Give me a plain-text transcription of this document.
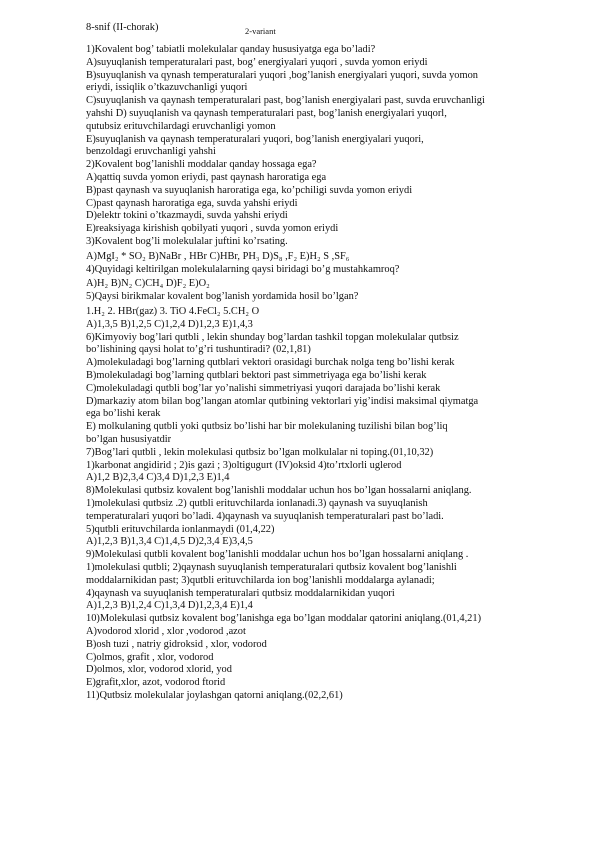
8-snif (II-chorak)	2-variant
1)Kovalent bog’ tabiatli molekulalar qanday hususiyatga ega bo’ladi?
A)suyuqlanish temperaturalari past, bog’ energiyalari yuqori , suvda yomon eriydi
B)suyuqlanish va qynash temperaturalari yuqori ,bog’lanish energiyalari yuqori, suvda yomon
eriydi, issiqlik o’tkazuvchanligi yuqori
C)suyuqlanish va qaynash temperaturalari past, bog’lanish energiyalari past, suvda eruvchanligi
yahshi D) suyuqlanish va qaynash temperaturalari past, bog’lanish energiyalari yuqorl,
qutubsiz erituvchilardagi eruvchanligi yomon
E)suyuqlanish va qaynash temperaturalari yuqori, bog’lanish energiyalari yuqori,
benzoldagi eruvchanligi yahshi
2)Kovalent bog’lanishli moddalar qanday hossaga ega?
A)qattiq suvda yomon eriydi, past qaynash haroratiga ega
B)past qaynash va suyuqlanish haroratiga ega, ko’pchiligi suvda yomon eriydi
C)past qaynash haroratiga ega, suvda yahshi eriydi
D)elektr tokini o’tkazmaydi, suvda yahshi eriydi
E)reaksiyaga kirishish qobilyati yuqori , suvda yomon eriydi
3)Kovalent bog’li molekulalar juftini ko’rsating.
A)MgI₂ * SO₂ B)NaBr , HBr C)HBr, PH₃ D)S₈ ,F₂ E)H₂ S ,SF₆
4)Quyidagi keltirilgan molekulalarning qaysi biridagi bo’g mustahkamroq?
A)H₂ B)N₂ C)CH₄ D)F₂ E)O₂
5)Qaysi birikmalar kovalent bog’lanish yordamida hosil bo’lgan?
1.H₂ 2. HBr(gaz) 3. TiO 4.FeCl₂ 5.CH₂ O
A)1,3,5 B)1,2,5 C)1,2,4 D)1,2,3 E)1,4,3
6)Kimyoviy bog’lari qutbli , lekin shunday bog’lardan tashkil topgan molekulalar qutbsiz
bo’lishining qaysi holat to’g’ri tushuntiradi? (02,1,81)
A)molekuladagi bog’larning qutblari vektori orasidagi burchak nolga teng bo’lishi kerak
B)molekuladagi bog’larning qutblari bektori past simmetriyaga ega bo’lishi kerak
C)molekuladagi qutbli bog’lar yo’nalishi simmetriyasi yuqori darajada bo’lishi kerak
D)markaziy atom bilan bog’langan atomlar qutbining vektorlari yig’indisi maksimal qiymatga
ega bo’lishi kerak
E) molkulaning qutbli yoki qutbsiz bo’lishi har bir molekulaning tuzilishi bilan bog’liq
bo’lgan hususiyatdir
7)Bog’lari qutbli , lekin molekulasi qutbsiz bo’lgan molkulalar ni toping.(01,10,32)
1)karbonat angidirid ; 2)is gazi ; 3)oltigugurt (IV)oksid 4)to’rtxlorli uglerod
A)1,2 B)2,3,4 C)3,4 D)1,2,3 E)1,4
8)Molekulasi qutbsiz kovalent bog’lanishli moddalar uchun hos bo’lgan hossalarni aniqlang.
1)molekulasi qutbsiz .2) qutbli erituvchilarda ionlanadi.3) qaynash va suyuqlanish
temperaturalari yuqori bo’ladi. 4)qaynash va suyuqlanish temperaturalari past bo’ladi.
5)qutbli erituvchilarda ionlanmaydi (01,4,22)
A)1,2,3 B)1,3,4 C)1,4,5 D)2,3,4 E)3,4,5
9)Molekulasi qutbli kovalent bog’lanishli moddalar uchun hos bo’lgan hossalarni aniqlang .
1)molekulasi qutbli; 2)qaynash suyuqlanish temperaturalari qutbsiz kovalent bog’lanishli
moddalarnikidan past; 3)qutbli erituvchilarda ion bog’lanishli moddalarga aylanadi;
4)qaynash va suyuqlanish temperaturalari qutbsiz moddalarnikidan yuqori
A)1,2,3 B)1,2,4 C)1,3,4 D)1,2,3,4 E)1,4
10)Molekulasi qutbsiz kovalent bog’lanishga ega bo’lgan moddalar qatorini aniqlang.(01,4,21)
A)vodorod xlorid , xlor ,vodorod ,azot
B)osh tuzi , natriy gidroksid , xlor, vodorod
C)olmos, grafit , xlor, vodorod
D)olmos, xlor, vodorod xlorid, yod
E)grafit,xlor, azot, vodorod ftorid
11)Qutbsiz molekulalar joylashgan qatorni aniqlang.(02,2,61)
